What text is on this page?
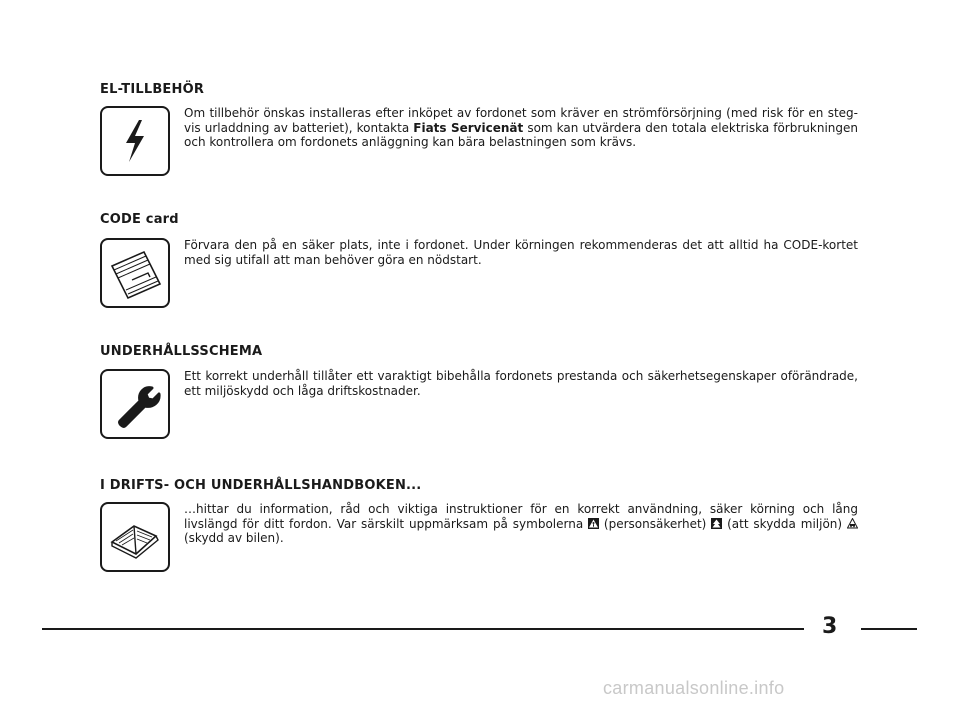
EL-TILLBEHÖR
Om tillbehör önskas installeras efter inköpet av fordonet som kräver en strömförsörjning (med risk för en steg-vis urladdning av batteriet), kontakta Fiats Servicenät som kan utvärdera den totala elektriska förbrukningen och kontrollera om fordonets anläggning kan bära belastningen som krävs.
CODE card
Förvara den på en säker plats, inte i fordonet. Under körningen rekommenderas det att alltid ha CODE-kortet med sig utifall att man behöver göra en nödstart.
UNDERHÅLLSSCHEMA
Ett korrekt underhåll tillåter ett varaktigt bibehålla fordonets prestanda och säkerhetsegenskaper oförändrade, ett miljöskydd och låga driftskostnader.
I DRIFTS- OCH UNDERHÅLLSHANDBOKEN...
…hittar du information, råd och viktiga instruktioner för en korrekt användning, säker körning och lång livslängd för ditt fordon. Var särskilt uppmärksam på symbolerna  (personsäkerhet)  (att skydda miljön)  (skydd av bilen).
3
carmanualsonline.info
